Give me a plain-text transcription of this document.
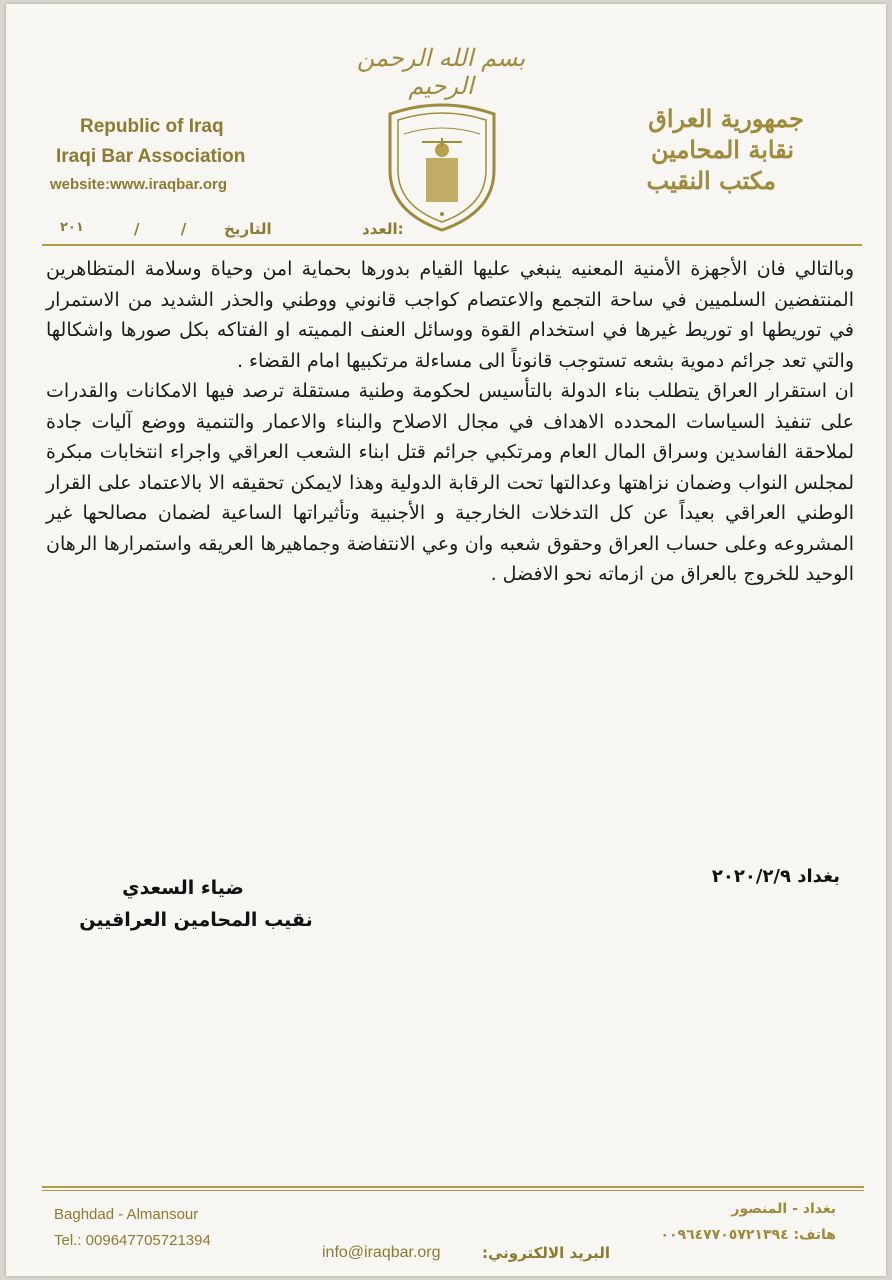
بسم الله الرحمن الرحيم
Republic of Iraq
Iraqi Bar Association
website:www.iraqbar.org
جمهورية العراق
نقابة المحامين
مكتب النقيب
٢٠١	/ / التاريخ	العدد:

وبالتالي فان الأجهزة الأمنية المعنيه ينبغي عليها القيام بدورها بحماية امن وحياة وسلامة المتظاهرين المنتفضين السلميين في ساحة التجمع والاعتصام كواجب قانوني ووطني والحذر الشديد من الاستمرار في توريطها او توريط غيرها في استخدام القوة ووسائل العنف المميته او الفتاكه بكل صورها واشكالها والتي تعد جرائم دموية بشعه تستوجب قانوناً الى مساءلة مرتكبيها امام القضاء .

ان استقرار العراق يتطلب بناء الدولة بالتأسيس لحكومة وطنية مستقلة ترصد فيها الامكانات والقدرات على تنفيذ السياسات المحدده الاهداف في مجال الاصلاح والبناء والاعمار والتنمية ووضع آليات جادة لملاحقة الفاسدين وسراق المال العام ومرتكبي جرائم قتل ابناء الشعب العراقي واجراء انتخابات مبكرة لمجلس النواب وضمان نزاهتها وعدالتها تحت الرقابة الدولية وهذا لايمكن تحقيقه الا بالاعتماد على القرار الوطني العراقي بعيداً عن كل التدخلات الخارجية و الأجنبية وتأثيراتها الساعية لضمان مصالحها غير المشروعه وعلى حساب العراق وحقوق شعبه وان وعي الانتفاضة وجماهيرها العريقه واستمرارها الرهان الوحيد للخروج بالعراق من ازماته نحو الافضل .

بغداد ٢٠٢٠/٢/٩
ضياء السعدي
نقيب المحامين العراقيين
Baghdad - Almansour
Tel.: 009647705721394
بغداد - المنصور
هاتف: ٠٠٩٦٤٧٧٠٥٧٢١٣٩٤
info@iraqbar.org	البريد الالكتروني:
